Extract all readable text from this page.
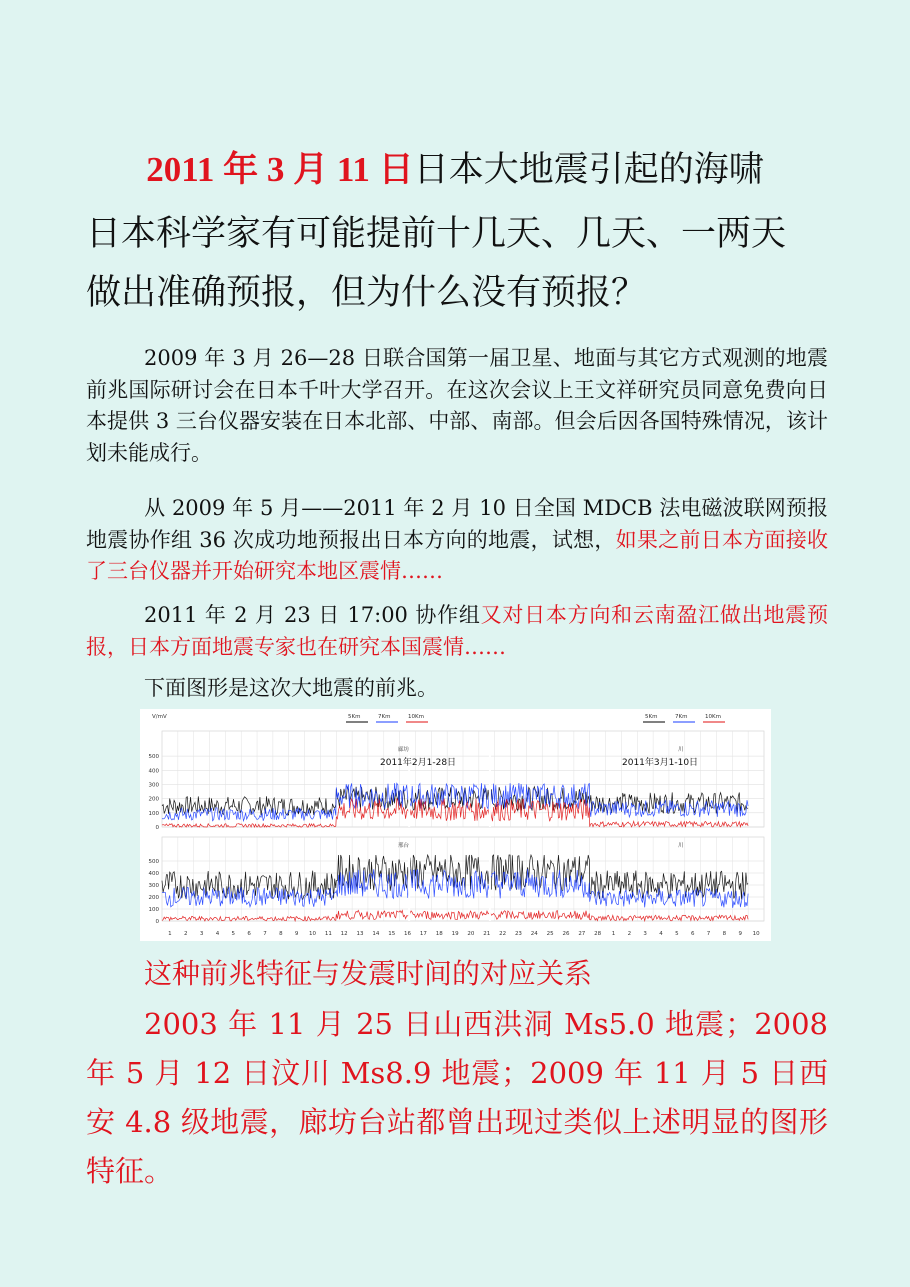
2011 年 3 月 11 日日本大地震引起的海啸
日本科学家有可能提前十几天、几天、一两天
做出准确预报，但为什么没有预报？
2009 年 3 月 26—28 日联合国第一届卫星、地面与其它方式观测的地震前兆国际研讨会在日本千叶大学召开。在这次会议上王文祥研究员同意免费向日本提供 3 三台仪器安装在日本北部、中部、南部。但会后因各国特殊情况，该计划未能成行。
从 2009 年 5 月——2011 年 2 月 10 日全国 MDCB 法电磁波联网预报地震协作组 36 次成功地预报出日本方向的地震，试想，如果之前日本方面接收了三台仪器并开始研究本地区震情……
2011 年 2 月 23 日 17:00 协作组又对日本方向和云南盈江做出地震预报，日本方面地震专家也在研究本国震情……
下面图形是这次大地震的前兆。
0
100
200
300
400
500
0
100
200
300
400
500
1 2 3 4 5 6 7 8 9 10 11 12 13 14 15 16 17 18 19 20 21 22 23 24 25 26 27 28 1 2 3 4 5 6 7 8 9 10
V/mV	5Km	7Km	10Km	5Km	7Km	10Km
2011年2月1-28日	2011年3月1-10日
廊坊	川
邢台	川
这种前兆特征与发震时间的对应关系
2003 年 11 月 25 日山西洪洞 Ms5.0 地震；2008 年 5 月 12 日汶川 Ms8.9 地震；2009 年 11 月 5 日西安 4.8 级地震，廊坊台站都曾出现过类似上述明显的图形特征。
